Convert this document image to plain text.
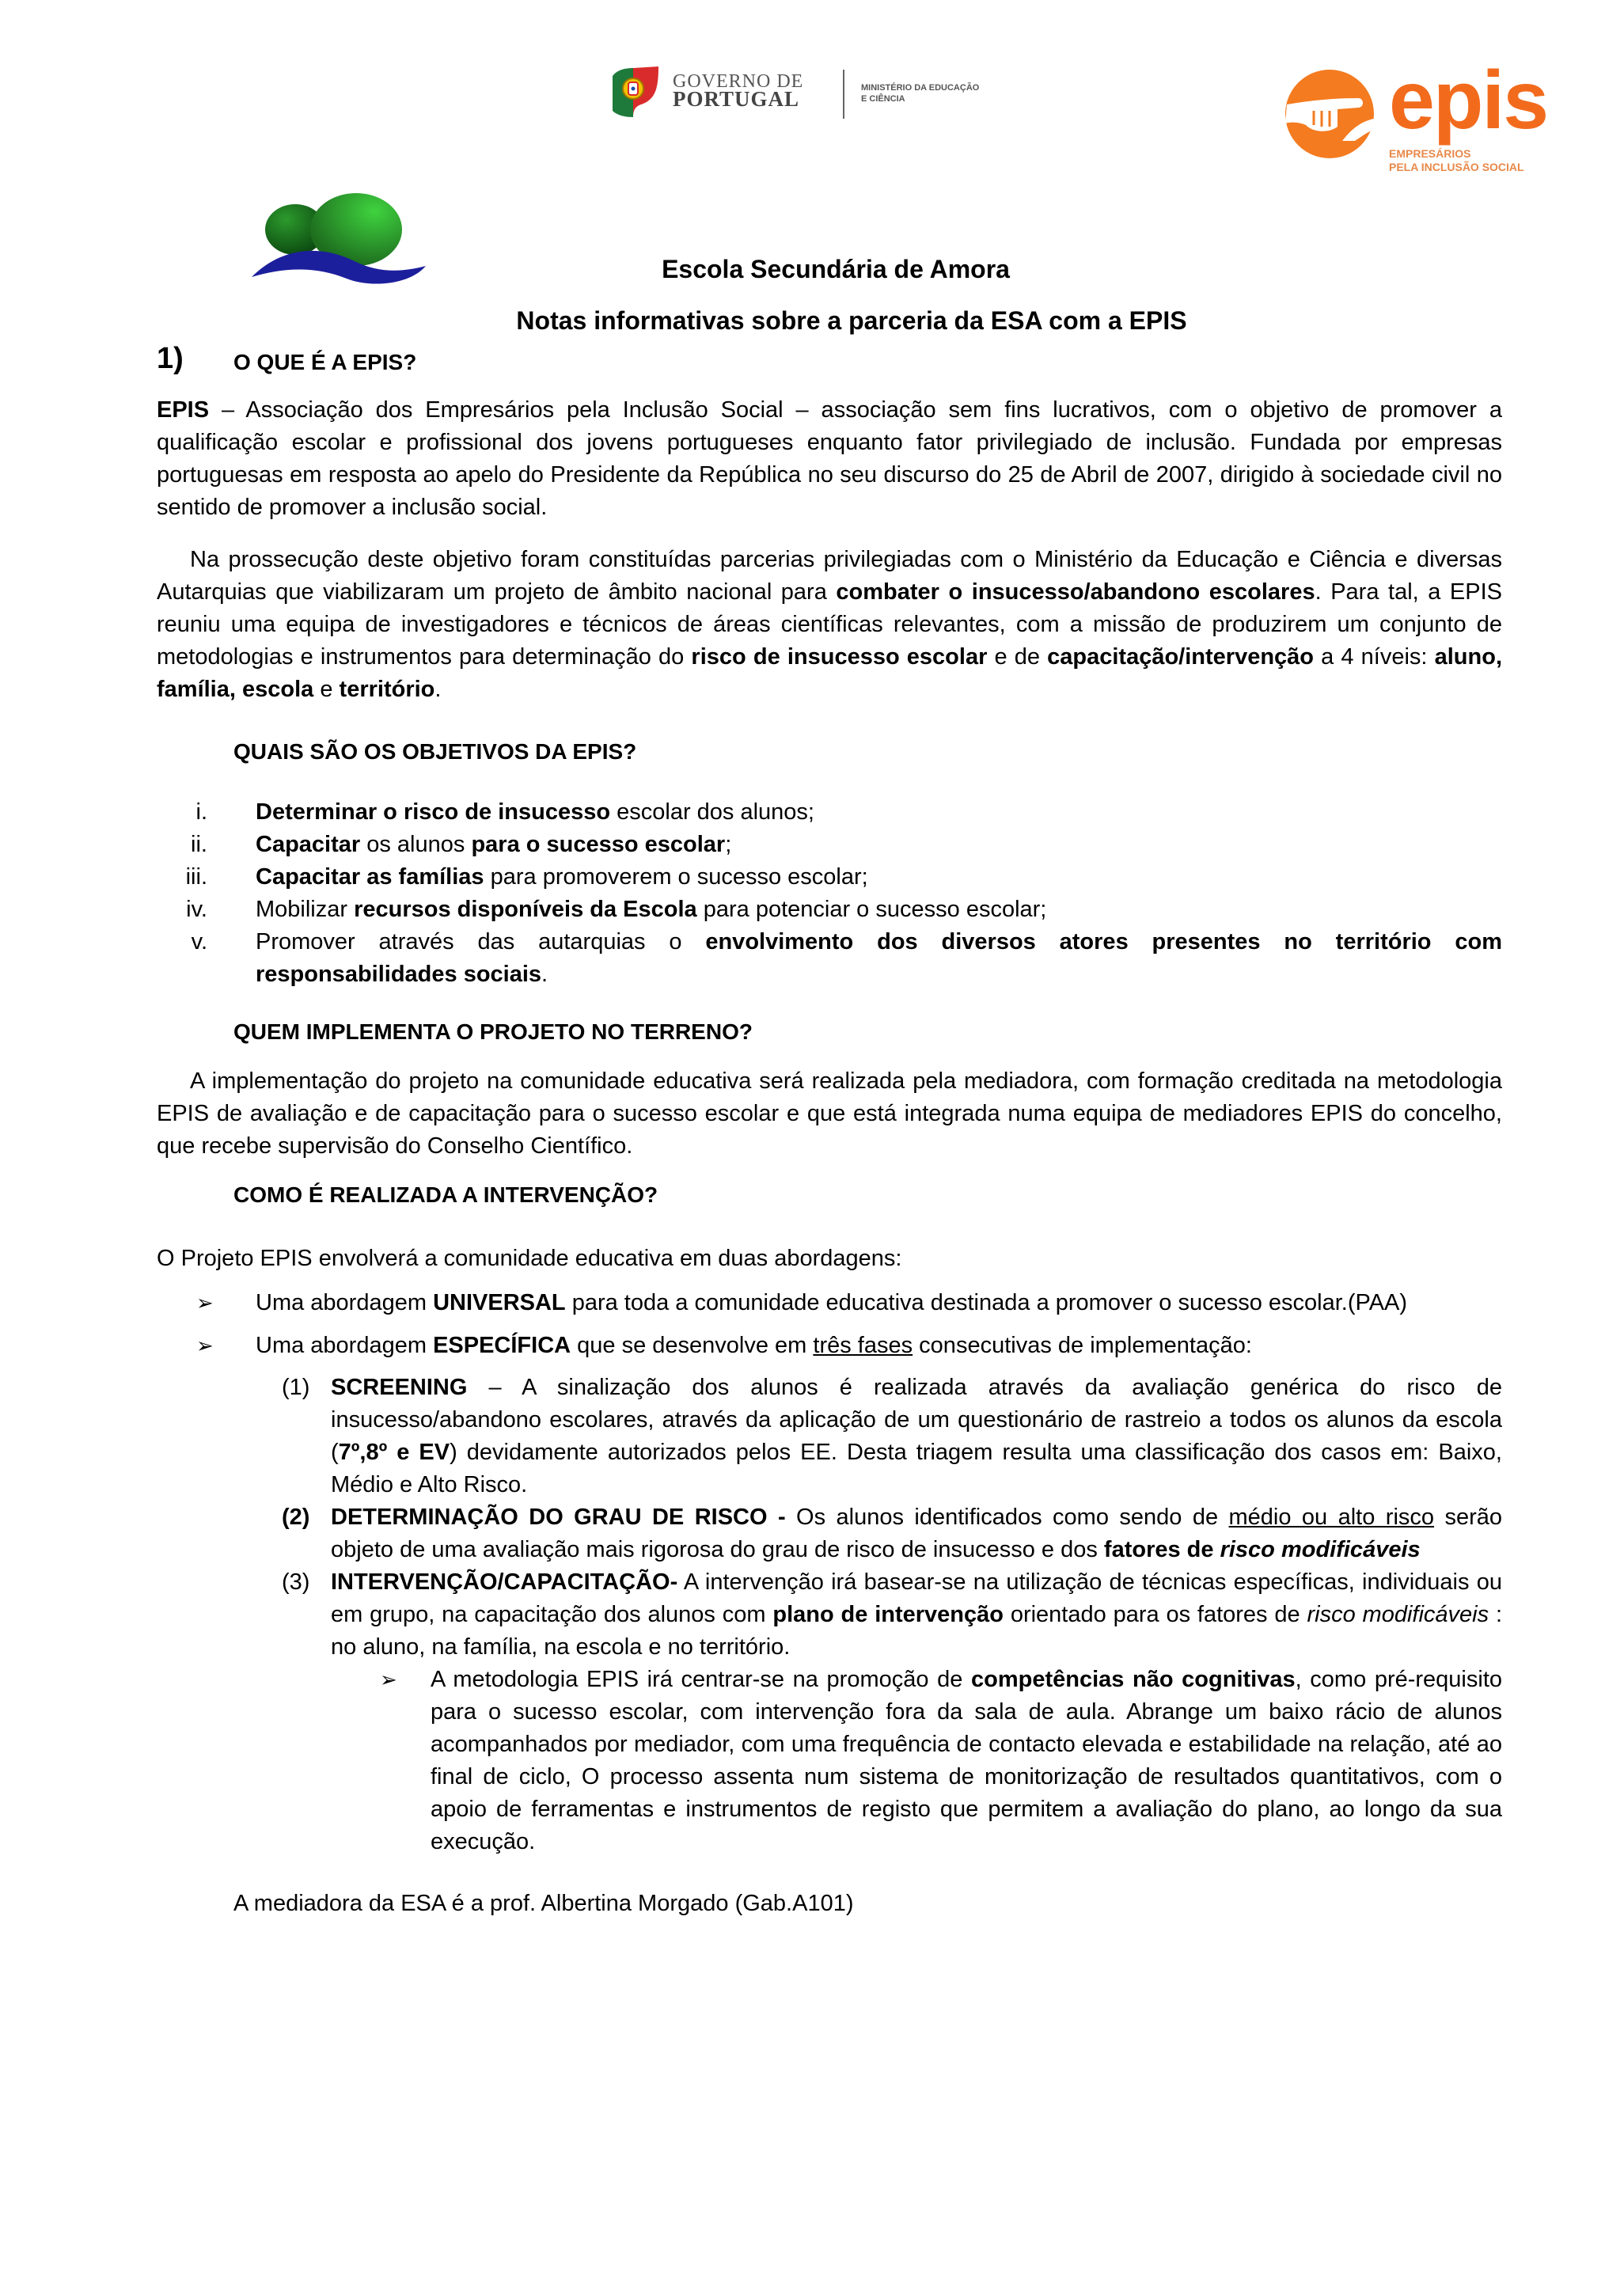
GOVERNO DE
PORTUGAL	MINISTÉRIO DA EDUCAÇÃO
E CIÊNCIA	epis
EMPRESÁRIOS
PELA INCLUSÃO SOCIAL
Escola Secundária de Amora
Notas informativas sobre a parceria da ESA com a EPIS
1) O QUE É A EPIS?
EPIS – Associação dos Empresários pela Inclusão Social – associação sem fins lucrativos, com o objetivo de promover a qualificação escolar e profissional dos jovens portugueses enquanto fator privilegiado de inclusão. Fundada por empresas portuguesas em resposta ao apelo do Presidente da República no seu discurso do 25 de Abril de 2007, dirigido à sociedade civil no sentido de promover a inclusão social.
Na prossecução deste objetivo foram constituídas parcerias privilegiadas com o Ministério da Educação e Ciência e diversas Autarquias que viabilizaram um projeto de âmbito nacional para combater o insucesso/abandono escolares. Para tal, a EPIS reuniu uma equipa de investigadores e técnicos de áreas científicas relevantes, com a missão de produzirem um conjunto de metodologias e instrumentos para determinação do risco de insucesso escolar e de capacitação/intervenção a 4 níveis: aluno, família, escola e território.
QUAIS SÃO OS OBJETIVOS DA EPIS?
i. Determinar o risco de insucesso escolar dos alunos;
ii. Capacitar os alunos para o sucesso escolar;
iii. Capacitar as famílias para promoverem o sucesso escolar;
iv. Mobilizar recursos disponíveis da Escola para potenciar o sucesso escolar;
v. Promover através das autarquias o envolvimento dos diversos atores presentes no território com responsabilidades sociais.
QUEM IMPLEMENTA O PROJETO NO TERRENO?
A implementação do projeto na comunidade educativa será realizada pela mediadora, com formação creditada na metodologia EPIS de avaliação e de capacitação para o sucesso escolar e que está integrada numa equipa de mediadores EPIS do concelho, que recebe supervisão do Conselho Científico.
COMO É REALIZADA A INTERVENÇÃO?
O Projeto EPIS envolverá a comunidade educativa em duas abordagens:
➢ Uma abordagem UNIVERSAL para toda a comunidade educativa destinada a promover o sucesso escolar.(PAA)
➢ Uma abordagem ESPECÍFICA que se desenvolve em três fases consecutivas de implementação:
(1) SCREENING – A sinalização dos alunos é realizada através da avaliação genérica do risco de insucesso/abandono escolares, através da aplicação de um questionário de rastreio a todos os alunos da escola (7º,8º e EV) devidamente autorizados pelos EE. Desta triagem resulta uma classificação dos casos em: Baixo, Médio e Alto Risco.
(2) DETERMINAÇÃO DO GRAU DE RISCO - Os alunos identificados como sendo de médio ou alto risco serão objeto de uma avaliação mais rigorosa do grau de risco de insucesso e dos fatores de risco modificáveis
(3) INTERVENÇÃO/CAPACITAÇÃO- A intervenção irá basear-se na utilização de técnicas específicas, individuais ou em grupo, na capacitação dos alunos com plano de intervenção orientado para os fatores de risco modificáveis : no aluno, na família, na escola e no território.
➢ A metodologia EPIS irá centrar-se na promoção de competências não cognitivas, como pré-requisito para o sucesso escolar, com intervenção fora da sala de aula. Abrange um baixo rácio de alunos acompanhados por mediador, com uma frequência de contacto elevada e estabilidade na relação, até ao final de ciclo, O processo assenta num sistema de monitorização de resultados quantitativos, com o apoio de ferramentas e instrumentos de registo que permitem a avaliação do plano, ao longo da sua execução.
A mediadora da ESA é a prof. Albertina Morgado (Gab.A101)
